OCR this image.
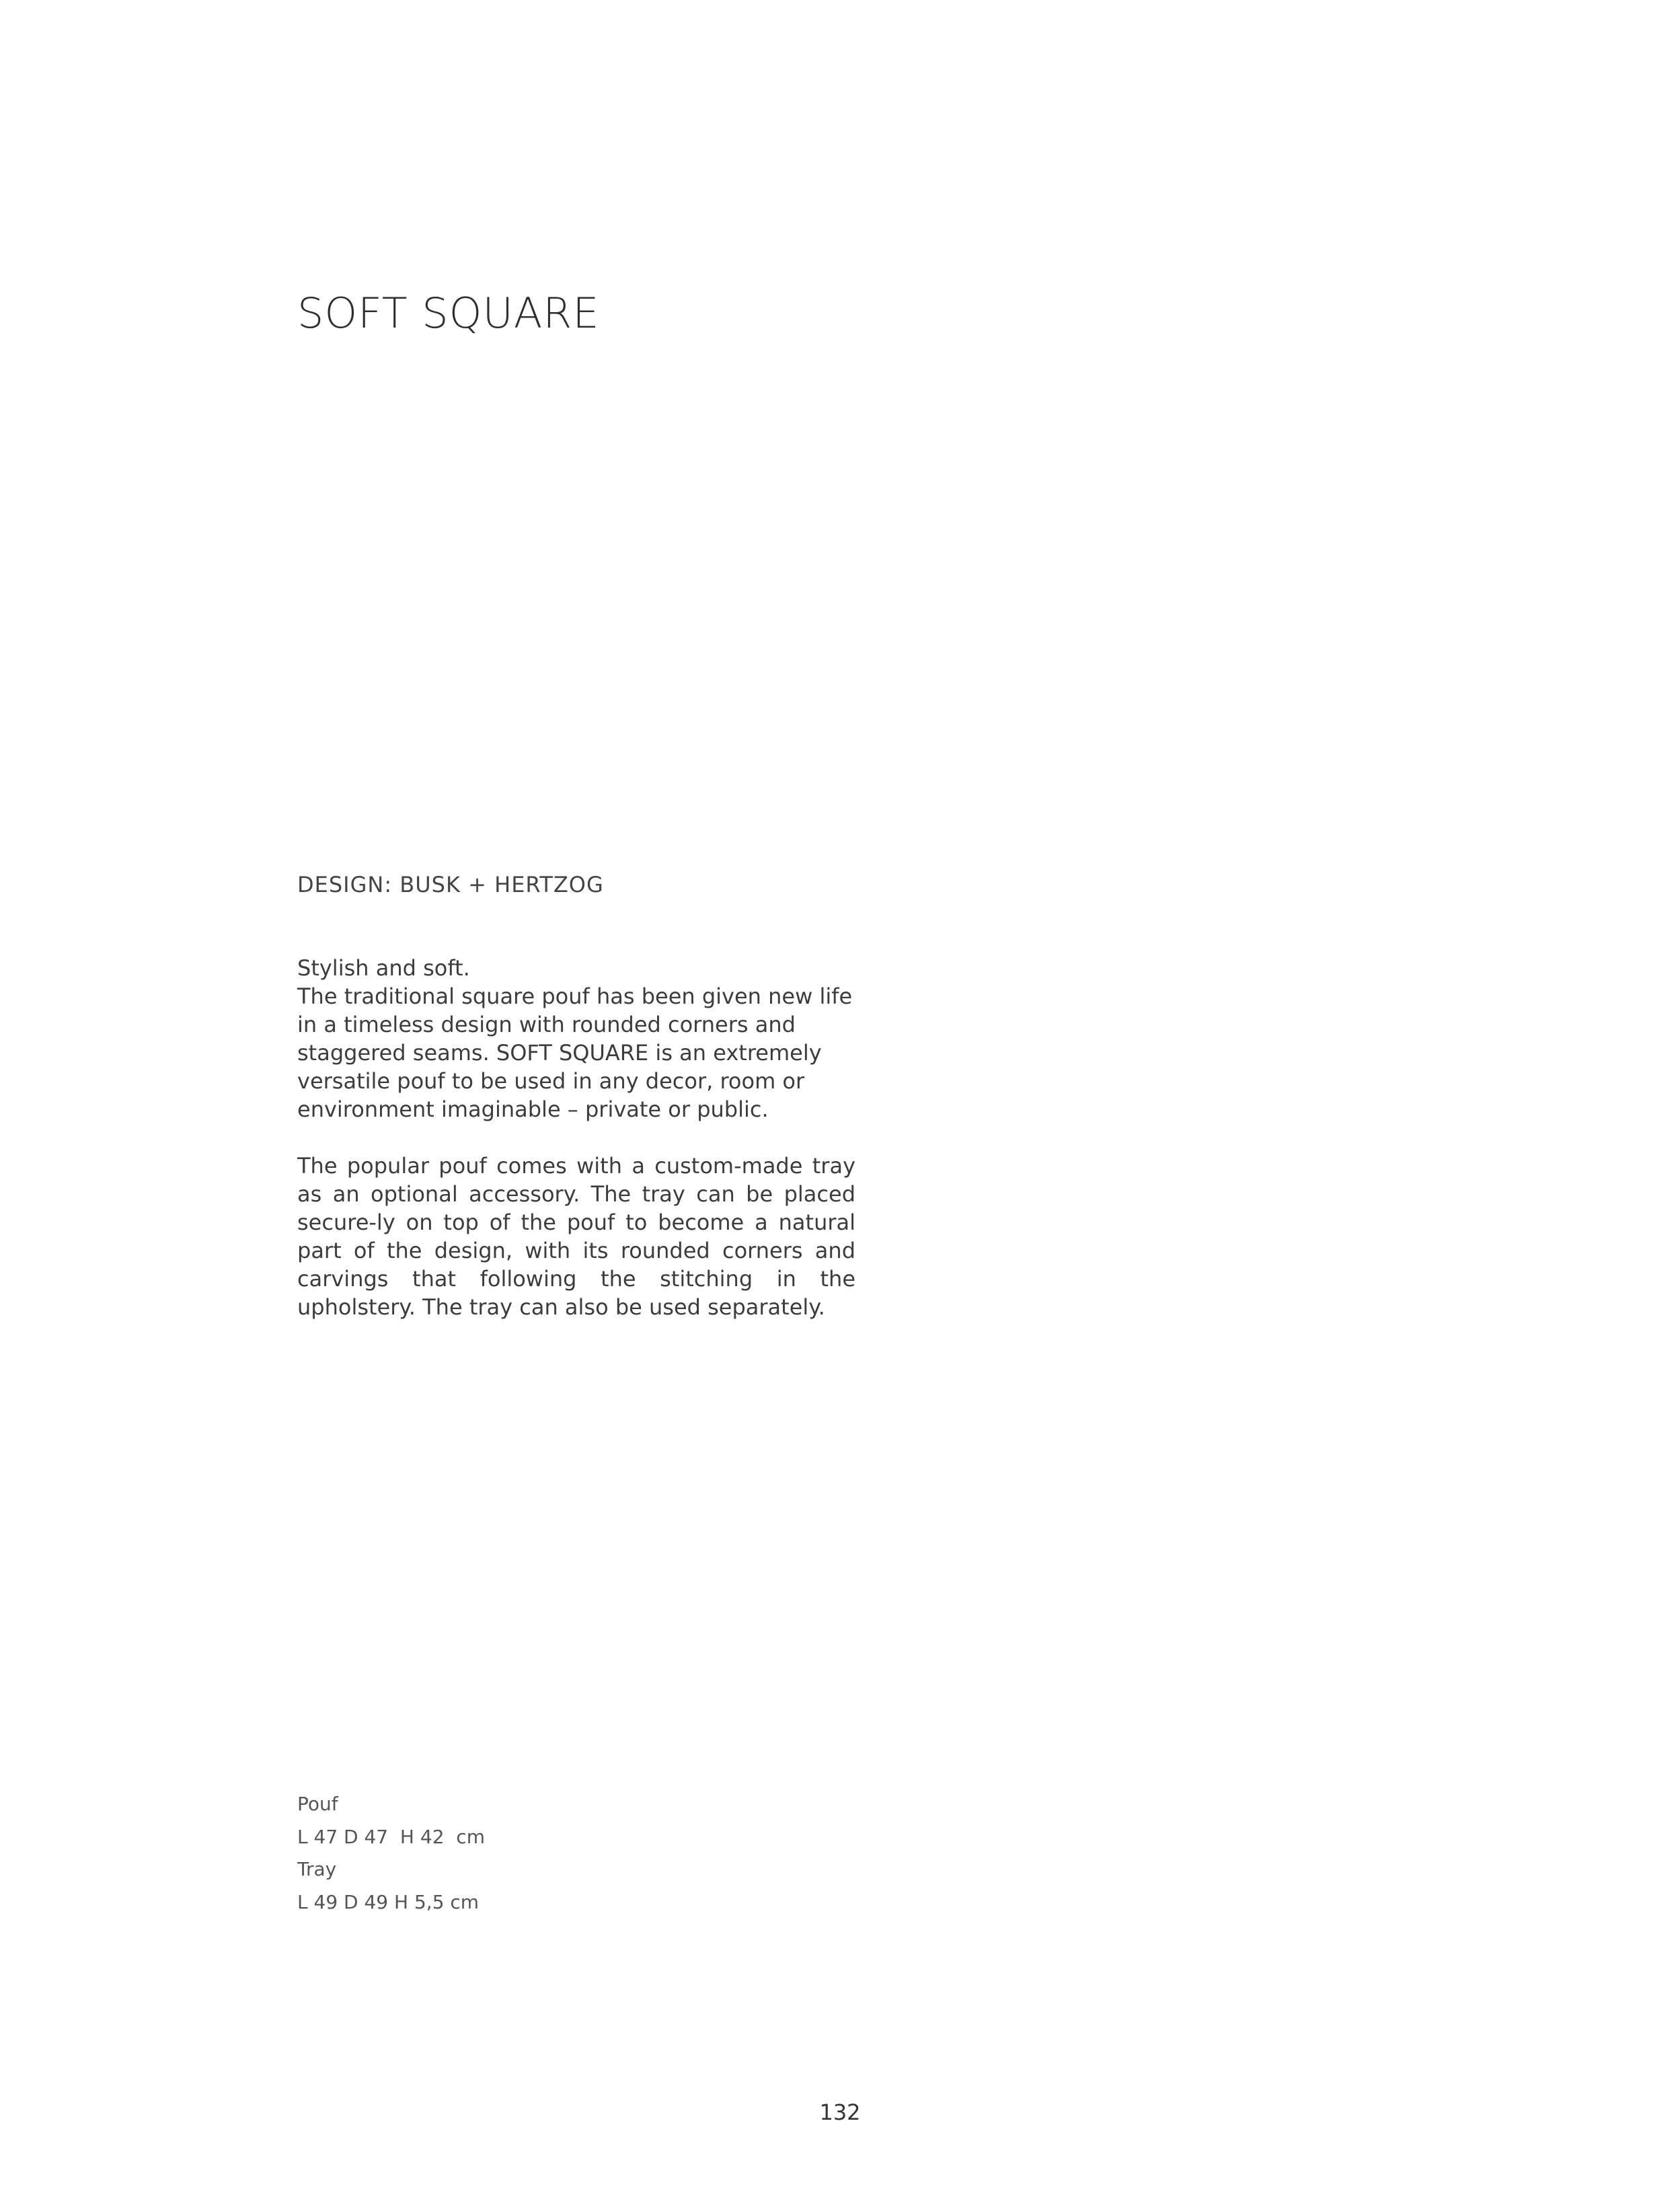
SOFT SQUARE
DESIGN: BUSK + HERTZOG
Stylish and soft.

The traditional square pouf has been given new life in a timeless design with rounded corners and staggered seams. SOFT SQUARE is an extremely versatile pouf to be used in any decor, room or environment imaginable – private or public.

The popular pouf comes with a custom-made tray as an optional accessory. The tray can be placed secure-ly on top of the pouf to become a natural part of the design, with its rounded corners and carvings that following the stitching in the upholstery. The tray can also be used separately.

Pouf
L 47 D 47  H 42  cm
Tray
L 49 D 49 H 5,5 cm
132
